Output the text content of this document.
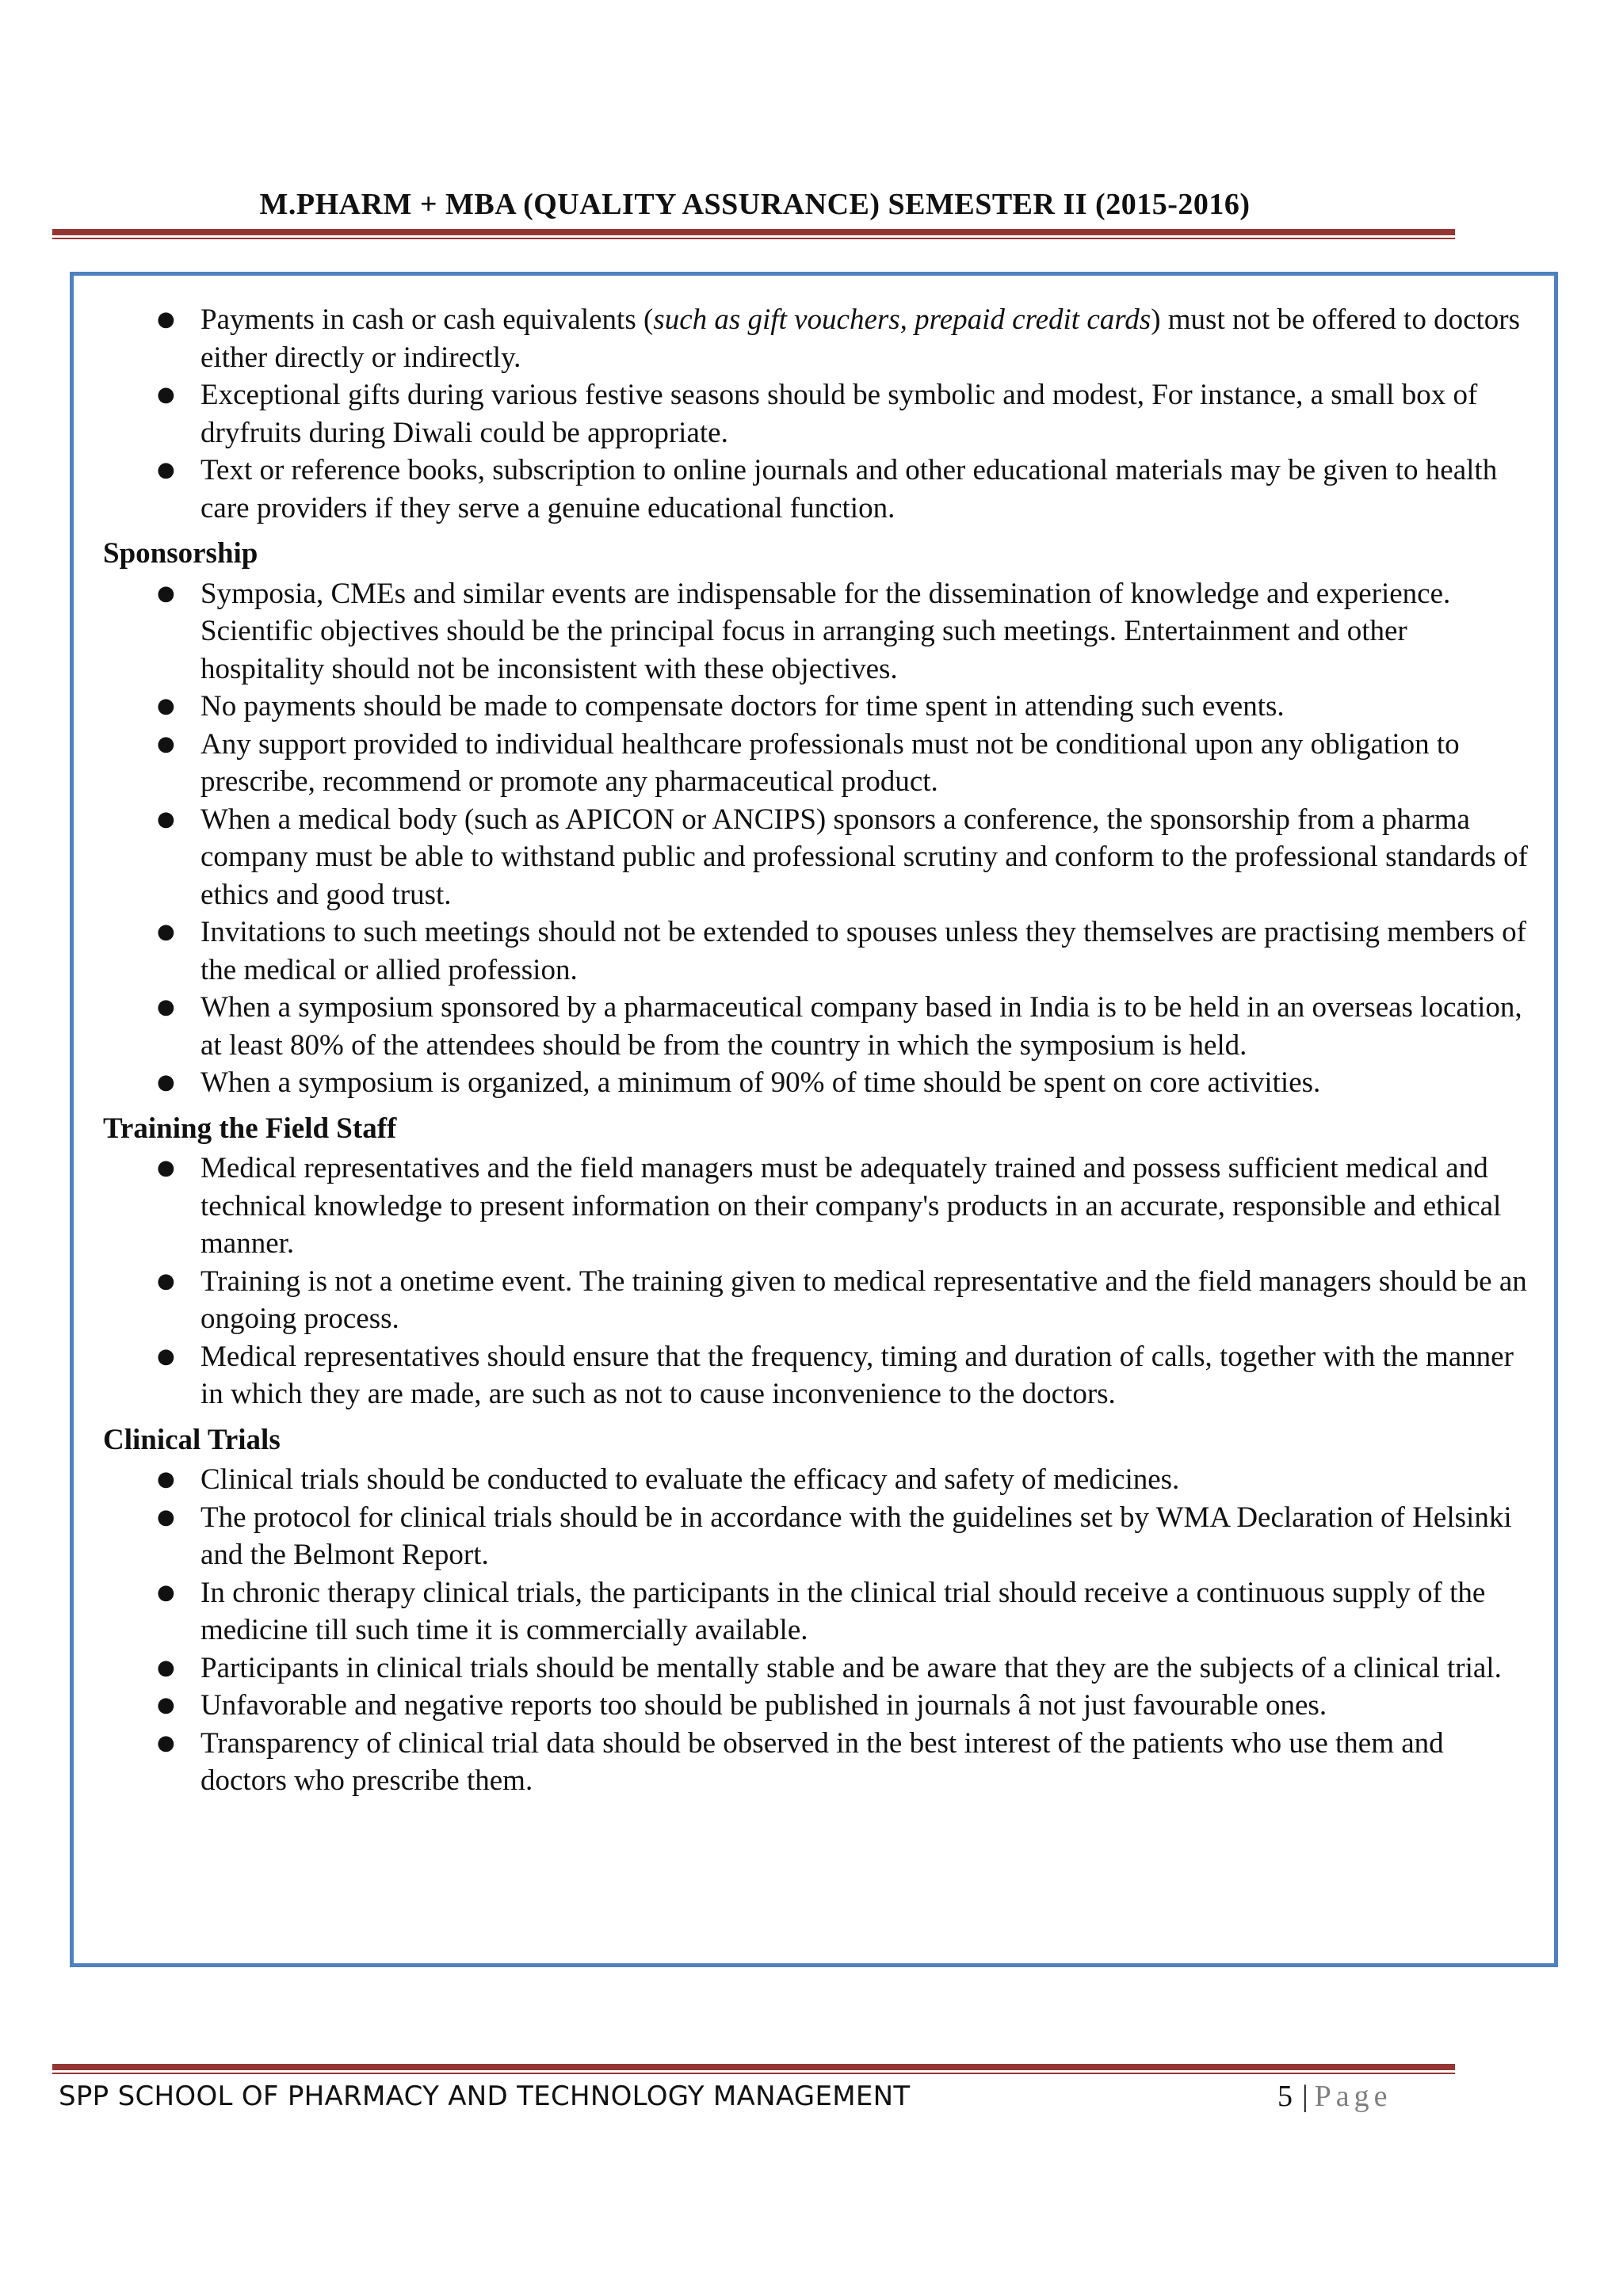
M.PHARM + MBA (QUALITY ASSURANCE) SEMESTER II (2015-2016)
● Payments in cash or cash equivalents (such as gift vouchers, prepaid credit cards) must not be offered to doctors either directly or indirectly.
● Exceptional gifts during various festive seasons should be symbolic and modest, For instance, a small box of dryfruits during Diwali could be appropriate.
● Text or reference books, subscription to online journals and other educational materials may be given to health care providers if they serve a genuine educational function.
Sponsorship
● Symposia, CMEs and similar events are indispensable for the dissemination of knowledge and experience. Scientific objectives should be the principal focus in arranging such meetings. Entertainment and other hospitality should not be inconsistent with these objectives.
● No payments should be made to compensate doctors for time spent in attending such events.
● Any support provided to individual healthcare professionals must not be conditional upon any obligation to prescribe, recommend or promote any pharmaceutical product.
● When a medical body (such as APICON or ANCIPS) sponsors a conference, the sponsorship from a pharma company must be able to withstand public and professional scrutiny and conform to the professional standards of ethics and good trust.
● Invitations to such meetings should not be extended to spouses unless they themselves are practising members of the medical or allied profession.
● When a symposium sponsored by a pharmaceutical company based in India is to be held in an overseas location, at least 80% of the attendees should be from the country in which the symposium is held.
● When a symposium is organized, a minimum of 90% of time should be spent on core activities.
Training the Field Staff
● Medical representatives and the field managers must be adequately trained and possess sufficient medical and technical knowledge to present information on their company's products in an accurate, responsible and ethical manner.
● Training is not a onetime event. The training given to medical representative and the field managers should be an ongoing process.
● Medical representatives should ensure that the frequency, timing and duration of calls, together with the manner in which they are made, are such as not to cause inconvenience to the doctors.
Clinical Trials
● Clinical trials should be conducted to evaluate the efficacy and safety of medicines.
● The protocol for clinical trials should be in accordance with the guidelines set by WMA Declaration of Helsinki and the Belmont Report.
● In chronic therapy clinical trials, the participants in the clinical trial should receive a continuous supply of the medicine till such time it is commercially available.
● Participants in clinical trials should be mentally stable and be aware that they are the subjects of a clinical trial.
● Unfavorable and negative reports too should be published in journals â not just favourable ones.
● Transparency of clinical trial data should be observed in the best interest of the patients who use them and doctors who prescribe them.
SPP SCHOOL OF PHARMACY AND TECHNOLOGY MANAGEMENT	5 | Page
